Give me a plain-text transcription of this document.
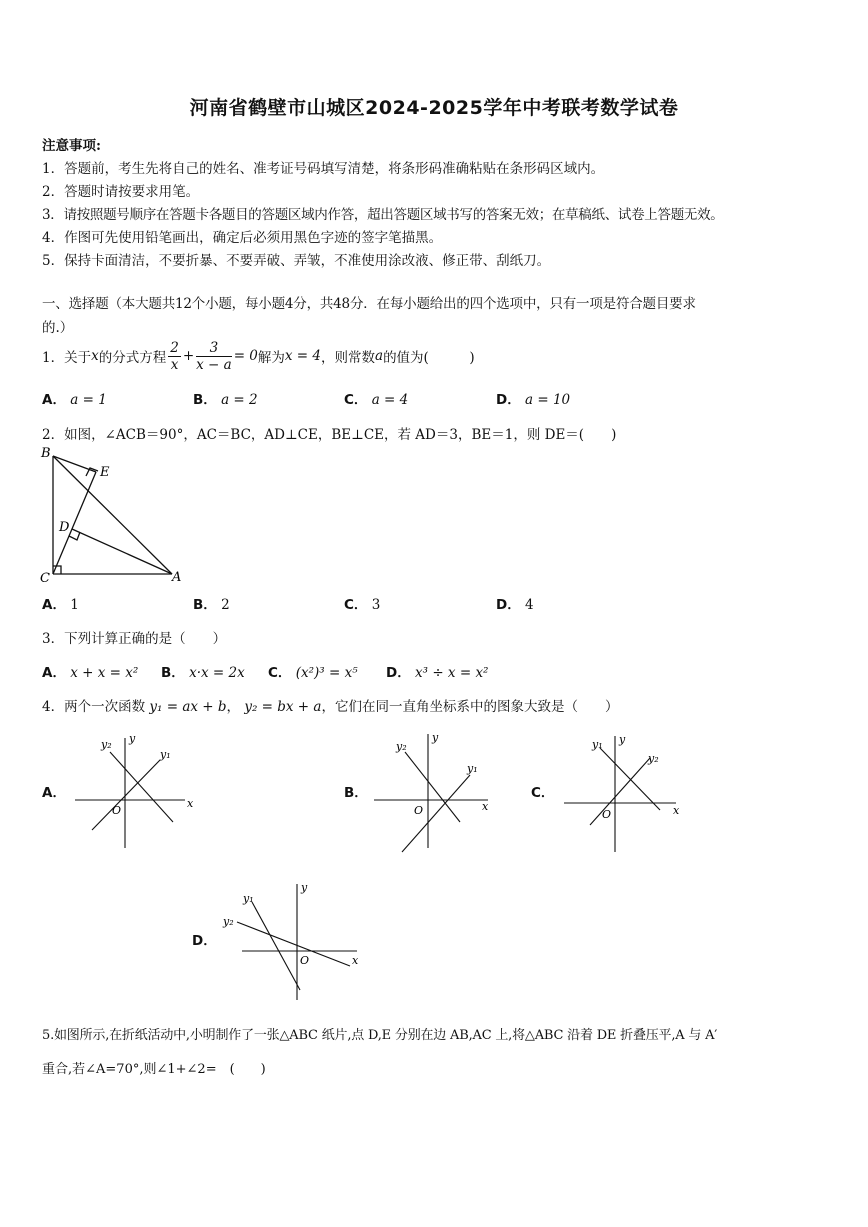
河南省鹤壁市山城区2024-2025学年中考联考数学试卷
注意事项:
1．答题前，考生先将自己的姓名、准考证号码填写清楚，将条形码准确粘贴在条形码区域内。
2．答题时请按要求用笔。
3．请按照题号顺序在答题卡各题目的答题区域内作答，超出答题区域书写的答案无效；在草稿纸、试卷上答题无效。
4．作图可先使用铅笔画出，确定后必须用黑色字迹的签字笔描黑。
5．保持卡面清洁，不要折暴、不要弄破、弄皱，不准使用涂改液、修正带、刮纸刀。
一、选择题（本大题共12个小题，每小题4分，共48分．在每小题给出的四个选项中，只有一项是符合题目要求
的.）
1．关于 x 的分式方程 $\frac{2}{x} + \frac{3}{x - a} = 0$ 解为 x = 4 ，则常数 a 的值为(　　　)
A． a = 1	B． a = 2	C． a = 4	D． a = 10
2．如图，∠ACB＝90°，AC＝BC，AD⊥CE，BE⊥CE，若 AD＝3，BE＝1，则 DE＝(　　)
B
E
D
C	A
A． 1	B． 2	C． 3	D． 4
3．下列计算正确的是（　　）
A． x + x = x² B． x·x = 2x C． (x²)³ = x⁵ D． x³ ÷ x = x²
4．两个一次函数 y₁ = ax + b， y₂ = bx + a，它们在同一直角坐标系中的图象大致是（　　）
A．
x
y
O
y₂
y₁
B．
x
y
O
y₂
y₁
C．
x
y
O
y₁
y₂
D．
x
y
O
y₁
y₂
5.如图所示,在折纸活动中,小明制作了一张△ABC 纸片,点 D,E 分别在边 AB,AC 上,将△ABC 沿着 DE 折叠压平,A 与 A′
重合,若∠A=70°,则∠1+∠2=　(　　)
